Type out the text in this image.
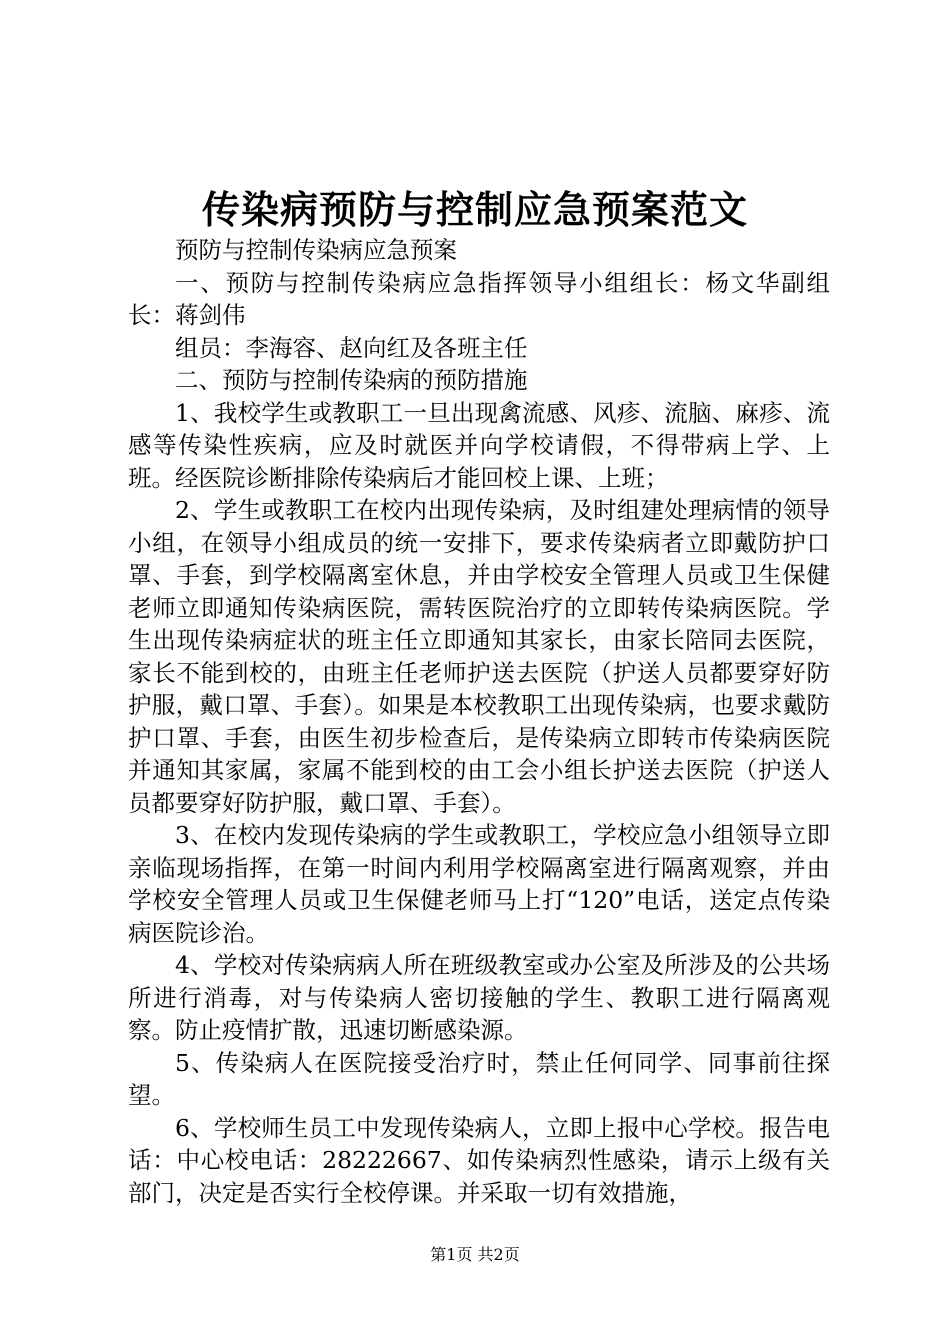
传染病预防与控制应急预案范文

预防与控制传染病应急预案

一、预防与控制传染病应急指挥领导小组组长：杨文华副组长：蒋剑伟

组员：李海容、赵向红及各班主任

二、预防与控制传染病的预防措施

1、我校学生或教职工一旦出现禽流感、风疹、流脑、麻疹、流感等传染性疾病，应及时就医并向学校请假，不得带病上学、上班。经医院诊断排除传染病后才能回校上课、上班；

2、学生或教职工在校内出现传染病，及时组建处理病情的领导小组，在领导小组成员的统一安排下，要求传染病者立即戴防护口罩、手套，到学校隔离室休息，并由学校安全管理人员或卫生保健老师立即通知传染病医院，需转医院治疗的立即转传染病医院。学生出现传染病症状的班主任立即通知其家长，由家长陪同去医院，家长不能到校的，由班主任老师护送去医院（护送人员都要穿好防护服，戴口罩、手套）。如果是本校教职工出现传染病，也要求戴防护口罩、手套，由医生初步检查后，是传染病立即转市传染病医院并通知其家属，家属不能到校的由工会小组长护送去医院（护送人员都要穿好防护服，戴口罩、手套）。

3、在校内发现传染病的学生或教职工，学校应急小组领导立即亲临现场指挥，在第一时间内利用学校隔离室进行隔离观察，并由学校安全管理人员或卫生保健老师马上打“120”电话，送定点传染病医院诊治。

4、学校对传染病病人所在班级教室或办公室及所涉及的公共场所进行消毒，对与传染病人密切接触的学生、教职工进行隔离观察。防止疫情扩散，迅速切断感染源。

5、传染病人在医院接受治疗时，禁止任何同学、同事前往探望。

6、学校师生员工中发现传染病人，立即上报中心学校。报告电话：中心校电话：28222667、如传染病烈性感染，请示上级有关部门，决定是否实行全校停课。并采取一切有效措施，

第1页 共2页
